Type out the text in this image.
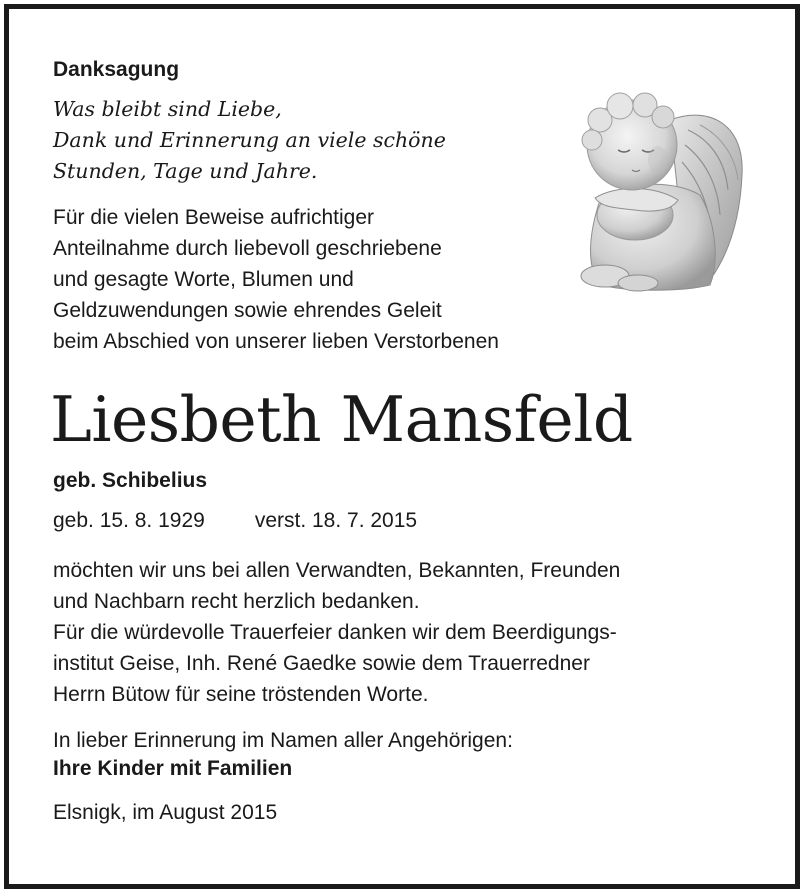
Danksagung
Was bleibt sind Liebe,
Dank und Erinnerung an viele schöne
Stunden, Tage und Jahre.
Für die vielen Beweise aufrichtiger
Anteilnahme durch liebevoll geschriebene
und gesagte Worte, Blumen und
Geldzuwendungen sowie ehrendes Geleit
beim Abschied von unserer lieben Verstorbenen
Liesbeth Mansfeld
geb. Schibelius
geb. 15. 8. 1929 verst. 18. 7. 2015
möchten wir uns bei allen Verwandten, Bekannten, Freunden
und Nachbarn recht herzlich bedanken.
Für die würdevolle Trauerfeier danken wir dem Beerdigungs-
institut Geise, Inh. René Gaedke sowie dem Trauerredner
Herrn Bütow für seine tröstenden Worte.
In lieber Erinnerung im Namen aller Angehörigen:
Ihre Kinder mit Familien
Elsnigk, im August 2015
